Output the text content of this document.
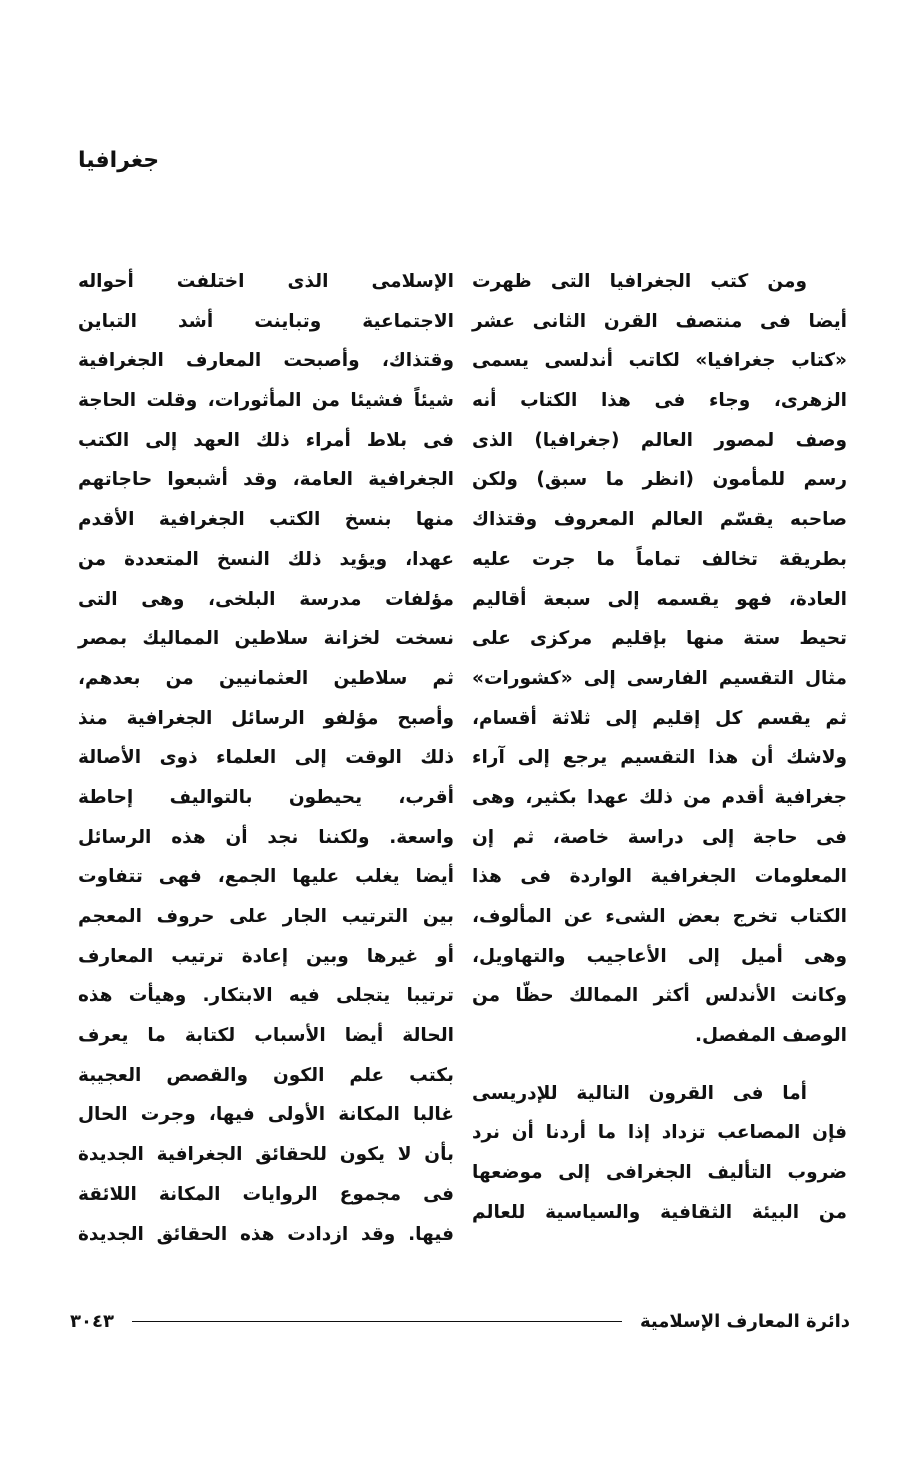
جغرافيا
ومن كتب الجغرافيا التى ظهرت
أيضا فى منتصف القرن الثانى عشر
«كتاب جغرافيا» لكاتب أندلسى يسمى
الزهرى، وجاء فى هذا الكتاب أنه
وصف لمصور العالم (جغرافيا) الذى
رسم للمأمون (انظر ما سبق) ولكن
صاحبه يقسّم العالم المعروف وقتذاك
بطريقة تخالف تماماً ما جرت عليه
العادة، فهو يقسمه إلى سبعة أقاليم
تحيط ستة منها بإقليم مركزى على
مثال التقسيم الفارسى إلى «كشورات»
ثم يقسم كل إقليم إلى ثلاثة أقسام،
ولاشك أن هذا التقسيم يرجع إلى آراء
جغرافية أقدم من ذلك عهدا بكثير، وهى
فى حاجة إلى دراسة خاصة، ثم إن
المعلومات الجغرافية الواردة فى هذا
الكتاب تخرج بعض الشىء عن المألوف،
وهى أميل إلى الأعاجيب والتهاويل،
وكانت الأندلس أكثر الممالك حظّا من
الوصف المفصل.
أما فى القرون التالية للإدريسى
فإن المصاعب تزداد إذا ما أردنا أن نرد
ضروب التأليف الجغرافى إلى موضعها
من البيئة الثقافية والسياسية للعالم
الإسلامى الذى اختلفت أحواله
الاجتماعية وتباينت أشد التباين
وقتذاك، وأصبحت المعارف الجغرافية
شيئاً فشيئا من المأثورات، وقلت الحاجة
فى بلاط أمراء ذلك العهد إلى الكتب
الجغرافية العامة، وقد أشبعوا حاجاتهم
منها بنسخ الكتب الجغرافية الأقدم
عهدا، ويؤيد ذلك النسخ المتعددة من
مؤلفات مدرسة البلخى، وهى التى
نسخت لخزانة سلاطين المماليك بمصر
ثم سلاطين العثمانيين من بعدهم،
وأصبح مؤلفو الرسائل الجغرافية منذ
ذلك الوقت إلى العلماء ذوى الأصالة
أقرب، يحيطون بالتواليف إحاطة
واسعة. ولكننا نجد أن هذه الرسائل
أيضا يغلب عليها الجمع، فهى تتفاوت
بين الترتيب الجار على حروف المعجم
أو غيرها وبين إعادة ترتيب المعارف
ترتيبا يتجلى فيه الابتكار. وهيأت هذه
الحالة أيضا الأسباب لكتابة ما يعرف
بكتب علم الكون والقصص العجيبة
غالبا المكانة الأولى فيها، وجرت الحال
بأن لا يكون للحقائق الجغرافية الجديدة
فى مجموع الروايات المكانة اللائقة
فيها. وقد ازدادت هذه الحقائق الجديدة
دائرة المعارف الإسلامية
٣٠٤٣
